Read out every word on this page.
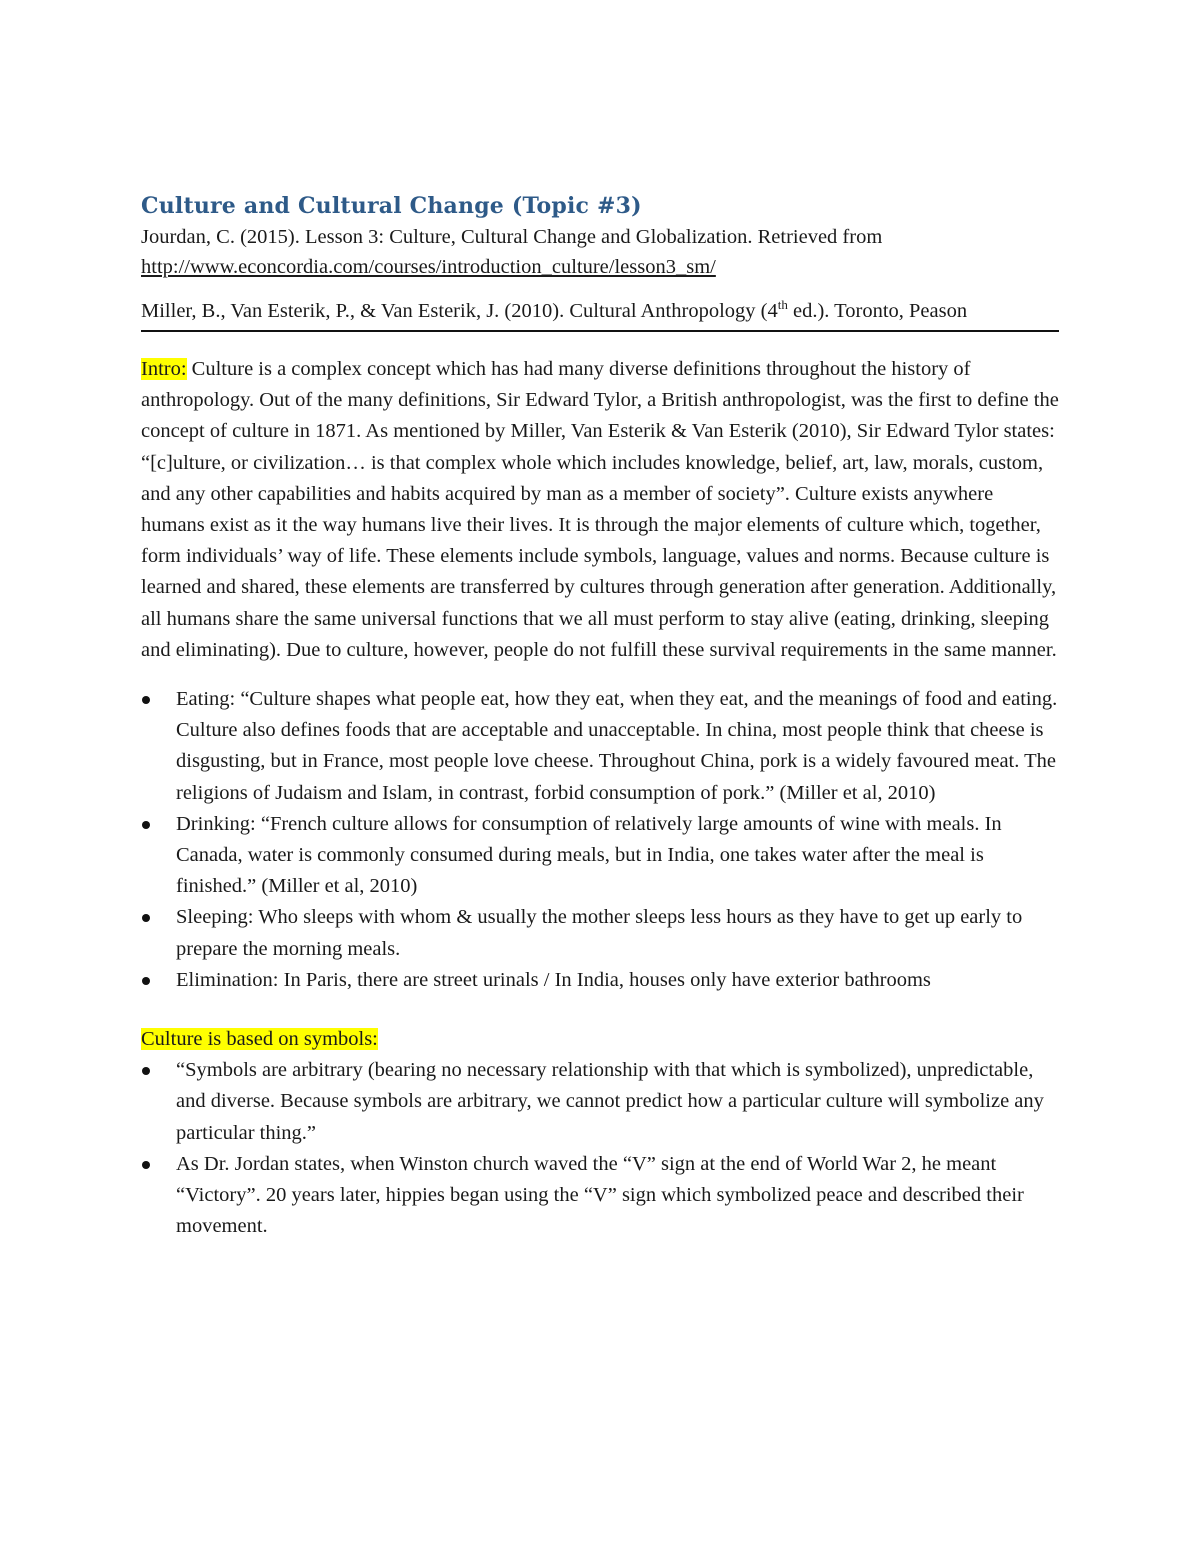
Culture and Cultural Change (Topic #3)

Jourdan, C. (2015). Lesson 3: Culture, Cultural Change and Globalization. Retrieved from
http://www.econcordia.com/courses/introduction_culture/lesson3_sm/

Miller, B., Van Esterik, P., & Van Esterik, J. (2010). Cultural Anthropology (4th ed.). Toronto, Peason

Intro: Culture is a complex concept which has had many diverse definitions throughout the history of anthropology. Out of the many definitions, Sir Edward Tylor, a British anthropologist, was the first to define the concept of culture in 1871. As mentioned by Miller, Van Esterik & Van Esterik (2010), Sir Edward Tylor states: “[c]ulture, or civilization… is that complex whole which includes knowledge, belief, art, law, morals, custom, and any other capabilities and habits acquired by man as a member of society”. Culture exists anywhere humans exist as it the way humans live their lives. It is through the major elements of culture which, together, form individuals’ way of life. These elements include symbols, language, values and norms. Because culture is learned and shared, these elements are transferred by cultures through generation after generation. Additionally, all humans share the same universal functions that we all must perform to stay alive (eating, drinking, sleeping and eliminating). Due to culture, however, people do not fulfill these survival requirements in the same manner.

Eating: “Culture shapes what people eat, how they eat, when they eat, and the meanings of food and eating. Culture also defines foods that are acceptable and unacceptable. In china, most people think that cheese is disgusting, but in France, most people love cheese. Throughout China, pork is a widely favoured meat. The religions of Judaism and Islam, in contrast, forbid consumption of pork.” (Miller et al, 2010)
Drinking: “French culture allows for consumption of relatively large amounts of wine with meals. In Canada, water is commonly consumed during meals, but in India, one takes water after the meal is finished.” (Miller et al, 2010)
Sleeping: Who sleeps with whom & usually the mother sleeps less hours as they have to get up early to prepare the morning meals.
Elimination: In Paris, there are street urinals / In India, houses only have exterior bathrooms

Culture is based on symbols:

“Symbols are arbitrary (bearing no necessary relationship with that which is symbolized), unpredictable, and diverse. Because symbols are arbitrary, we cannot predict how a particular culture will symbolize any particular thing.”
As Dr. Jordan states, when Winston church waved the “V” sign at the end of World War 2, he meant “Victory”. 20 years later, hippies began using the “V” sign which symbolized peace and described their movement.
